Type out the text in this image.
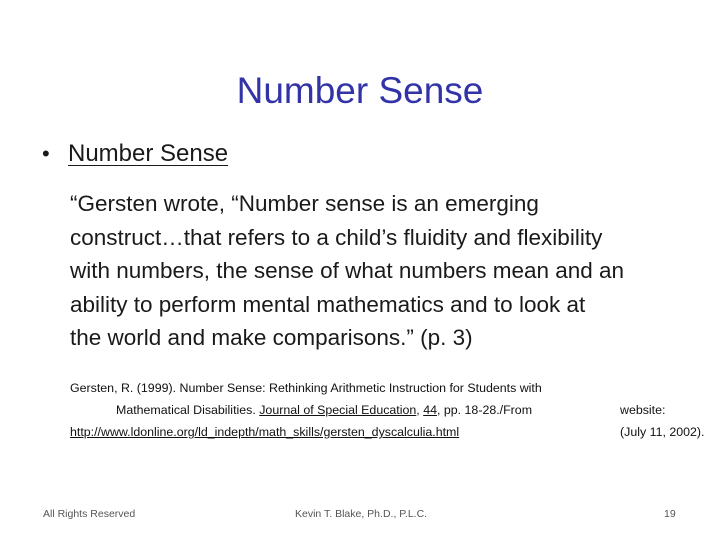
Number Sense
• Number Sense
“Gersten wrote, “Number sense is an emerging
construct…that refers to a child’s fluidity and flexibility
with numbers, the sense of what numbers mean and an
ability to perform mental mathematics and to look at
the world and make comparisons.” (p. 3)
Gersten, R. (1999). Number Sense: Rethinking Arithmetic Instruction for Students with
Mathematical Disabilities. Journal of Special Education, 44, pp. 18-28./From	website:
http://www.ldonline.org/ld_indepth/math_skills/gersten_dyscalculia.html	(July 11, 2002).
All Rights Reserved	Kevin T. Blake, Ph.D., P.L.C.	19
